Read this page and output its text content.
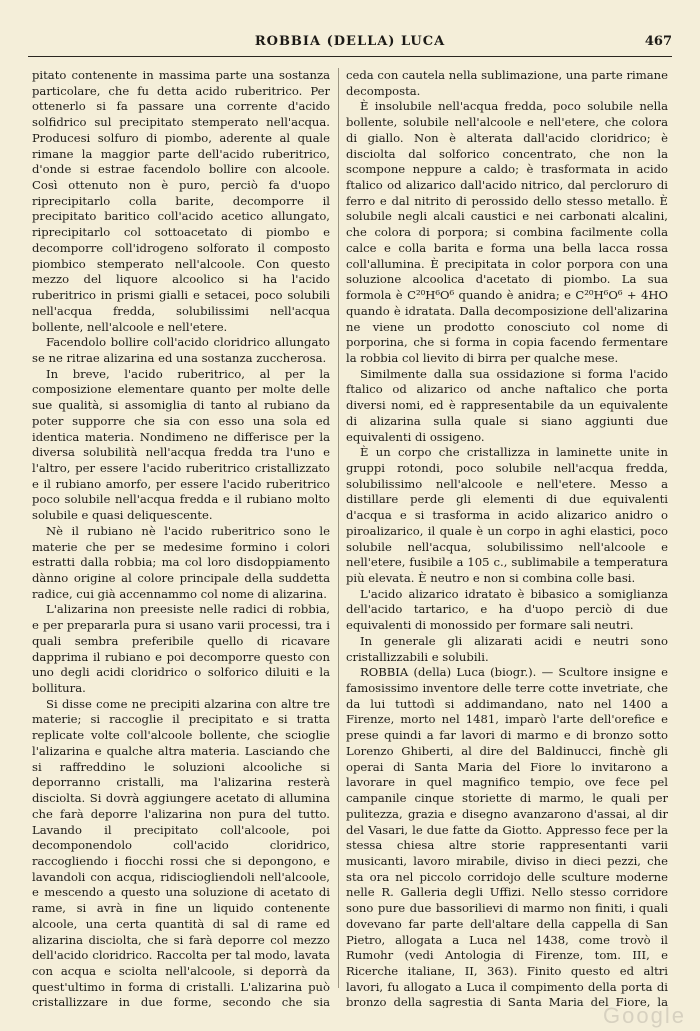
ROBBIA (DELLA) LUCA	467

pitato contenente in massima parte una sostanza particolare, che fu detta acido ruberitrico. Per ottenerlo si fa passare una corrente d'acido solfidrico sul precipitato stemperato nell'acqua. Producesi solfuro di piombo, aderente al quale rimane la maggior parte dell'acido ruberitrico, d'onde si estrae facendolo bollire con alcoole. Così ottenuto non è puro, perciò fa d'uopo riprecipitarlo colla barite, decomporre il precipitato baritico coll'acido acetico allungato, riprecipitarlo col sottoacetato di piombo e decomporre coll'idrogeno solforato il composto piombico stemperato nell'alcoole. Con questo mezzo del liquore alcoolico si ha l'acido ruberitrico in prismi gialli e setacei, poco solubili nell'acqua fredda, solubilissimi nell'acqua bollente, nell'alcoole e nell'etere.

Facendolo bollire coll'acido cloridrico allungato se ne ritrae alizarina ed una sostanza zuccherosa.

In breve, l'acido ruberitrico, al per la composizione elementare quanto per molte delle sue qualità, si assomiglia di tanto al rubiano da poter supporre che sia con esso una sola ed identica materia. Nondimeno ne differisce per la diversa solubilità nell'acqua fredda tra l'uno e l'altro, per essere l'acido ruberitrico cristallizzato e il rubiano amorfo, per essere l'acido ruberitrico poco solubile nell'acqua fredda e il rubiano molto solubile e quasi deliquescente.

Nè il rubiano nè l'acido ruberitrico sono le materie che per se medesime formino i colori estratti dalla robbia; ma col loro disdoppiamento dànno origine al colore principale della suddetta radice, cui già accennammo col nome di alizarina.

L'alizarina non preesiste nelle radici di robbia, e per prepararla pura si usano varii processi, tra i quali sembra preferibile quello di ricavare dapprima il rubiano e poi decomporre questo con uno degli acidi cloridrico o solforico diluiti e la bollitura.

Si disse come ne precipiti alzarina con altre tre materie; si raccoglie il precipitato e si tratta replicate volte coll'alcoole bollente, che scioglie l'alizarina e qualche altra materia. Lasciando che si raffreddino le soluzioni alcooliche si deporranno cristalli, ma l'alizarina resterà disciolta. Si dovrà aggiungere acetato di allumina che farà deporre l'alizarina non pura del tutto. Lavando il precipitato coll'alcoole, poi decomponendolo coll'acido cloridrico, raccogliendo i fiocchi rossi che si depongono, e lavandoli con acqua, ridisciogliendoli nell'alcoole, e mescendo a questo una soluzione di acetato di rame, si avrà in fine un liquido contenente alcoole, una certa quantità di sal di rame ed alizarina disciolta, che si farà deporre col mezzo dell'acido cloridrico. Raccolta per tal modo, lavata con acqua e sciolta nell'alcoole, si deporrà da quest'ultimo in forma di cristalli. L'alizarina può cristallizzare in due forme, secondo che sia

ceda con cautela nella sublimazione, una parte rimane decomposta.

È insolubile nell'acqua fredda, poco solubile nella bollente, solubile nell'alcoole e nell'etere, che colora di giallo. Non è alterata dall'acido cloridrico; è disciolta dal solforico concentrato, che non la scompone neppure a caldo; è trasformata in acido ftalico od alizarico dall'acido nitrico, dal percloruro di ferro e dal nitrito di perossido dello stesso metallo. È solubile negli alcali caustici e nei carbonati alcalini, che colora di porpora; si combina facilmente colla calce e colla barita e forma una bella lacca rossa coll'allumina. È precipitata in color porpora con una soluzione alcoolica d'acetato di piombo. La sua formola è C²⁰H⁶O⁶ quando è anidra; e C²⁰H⁶O⁶ + 4HO quando è idratata. Dalla decomposizione dell'alizarina ne viene un prodotto conosciuto col nome di porporina, che si forma in copia facendo fermentare la robbia col lievito di birra per qualche mese.

Similmente dalla sua ossidazione si forma l'acido ftalico od alizarico od anche naftalico che porta diversi nomi, ed è rappresentabile da un equivalente di alizarina sulla quale si siano aggiunti due equivalenti di ossigeno.

È un corpo che cristallizza in laminette unite in gruppi rotondi, poco solubile nell'acqua fredda, solubilissimo nell'alcoole e nell'etere. Messo a distillare perde gli elementi di due equivalenti d'acqua e si trasforma in acido alizarico anidro o piroalizarico, il quale è un corpo in aghi elastici, poco solubile nell'acqua, solubilissimo nell'alcoole e nell'etere, fusibile a 105 c., sublimabile a temperatura più elevata. È neutro e non si combina colle basi.

L'acido alizarico idratato è bibasico a somiglianza dell'acido tartarico, e ha d'uopo perciò di due equivalenti di monossido per formare sali neutri.

In generale gli alizarati acidi e neutri sono cristallizzabili e solubili.

ROBBIA (della) Luca (biogr.). — Scultore insigne e famosissimo inventore delle terre cotte invetriate, che da lui tuttodì si addimandano, nato nel 1400 a Firenze, morto nel 1481, imparò l'arte dell'orefice e prese quindi a far lavori di marmo e di bronzo sotto Lorenzo Ghiberti, al dire del Baldinucci, finchè gli operai di Santa Maria del Fiore lo invitarono a lavorare in quel magnifico tempio, ove fece pel campanile cinque storiette di marmo, le quali per pulitezza, grazia e disegno avanzarono d'assai, al dir del Vasari, le due fatte da Giotto. Appresso fece per la stessa chiesa altre storie rappresentanti varii musicanti, lavoro mirabile, diviso in dieci pezzi, che sta ora nel piccolo corridojo delle sculture moderne nelle R. Galleria degli Uffizi. Nello stesso corridore sono pure due bassorilievi di marmo non finiti, i quali dovevano far parte dell'altare della cappella di San Pietro, allogata a Luca nel 1438, come trovò il Rumohr (vedi Antologia di Firenze, tom. III, e Ricerche italiane, II, 363). Finito questo ed altri lavori, fu allogato a Luca il compimento della porta di bronzo della sagrestia di Santa Maria del Fiore, la

Google
